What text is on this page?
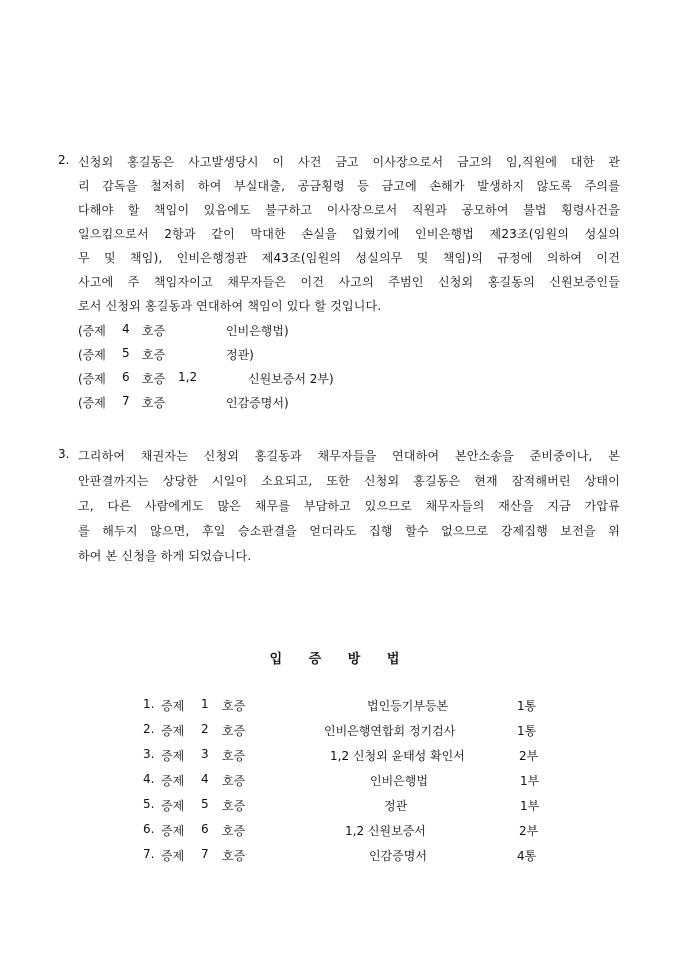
2. 신청외 홍길동은 사고발생당시 이 사건 금고 이사장으로서 금고의 임,직원에 대한 관
리 감독을 철저히 하여 부실대출, 공금횡령 등 금고에 손해가 발생하지 않도록 주의를
다해야 할 책임이 있음에도 불구하고 이사장으로서 직원과 공모하여 불법 횡령사건을
일으킴으로서 2항과 같이 막대한 손실을 입혔기에 인비은행법 제23조(임원의 성실의
무 및 책임), 인비은행정관 제43조(임원의 성실의무 및 책임)의 규정에 의하여 이건
사고에 주 책임자이고 채무자들은 이건 사고의 주범인 신청외 홍길동의 신원보증인들
로서 신청외 홍길동과 연대하여 책임이 있다 할 것입니다.
(증제 4 호증	인비은행법)
(증제 5 호증	정관)
(증제 6 호증 1,2	신원보증서 2부)
(증제 7 호증	인감증명서)
3. 그리하여 채권자는 신청외 홍길동과 채무자들을 연대하여 본안소송을 준비중이나, 본
안판결까지는 상당한 시일이 소요되고, 또한 신청외 홍길동은 현재 잠적해버린 상태이
고, 다른 사람에게도 많은 채무를 부담하고 있으므로 채무자들의 재산을 지금 가압류
를 해두지 않으면, 후일 승소판결을 얻더라도 집행 할수 없으므로 강제집행 보전을 위
하여 본 신청을 하게 되었습니다.
입 증 방 법
1. 증제 1 호증	법인등기부등본	1통
2. 증제 2 호증	인비은행연합회 정기검사	1통
3. 증제 3 호증	1,2 신청외 윤태성 확인서	2부
4. 증제 4 호증	인비은행법	1부
5. 증제 5 호증	정관	1부
6. 증제 6 호증	1,2 신원보증서	2부
7. 증제 7 호증	인감증명서	4통
